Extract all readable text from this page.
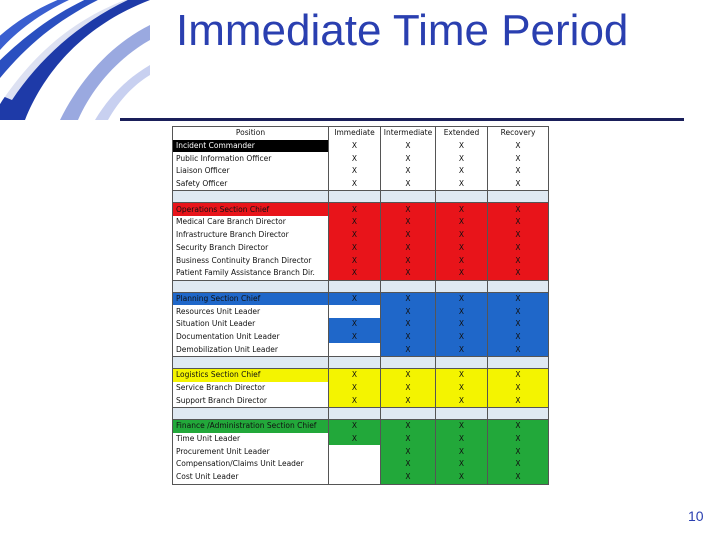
Immediate Time Period
Position	Immediate	Intermediate	Extended	Recovery
Incident Commander	X	X	X	X
Public Information Officer	X	X	X	X
Liaison Officer	X	X	X	X
Safety Officer	X	X	X	X

Operations Section Chief	X	X	X	X
Medical Care Branch Director	X	X	X	X
Infrastructure Branch Director	X	X	X	X
Security Branch Director	X	X	X	X
Business Continuity Branch Director	X	X	X	X
Patient Family Assistance Branch Dir.	X	X	X	X

Planning Section Chief	X	X	X	X
Resources Unit Leader		X	X	X
Situation Unit Leader	X	X	X	X
Documentation Unit Leader	X	X	X	X
Demobilization Unit Leader		X	X	X

Logistics Section Chief	X	X	X	X
Service Branch Director	X	X	X	X
Support Branch Director	X	X	X	X

Finance /Administration Section Chief	X	X	X	X
Time Unit Leader	X	X	X	X
Procurement Unit Leader		X	X	X
Compensation/Claims Unit Leader		X	X	X
Cost Unit Leader		X	X	X
10
